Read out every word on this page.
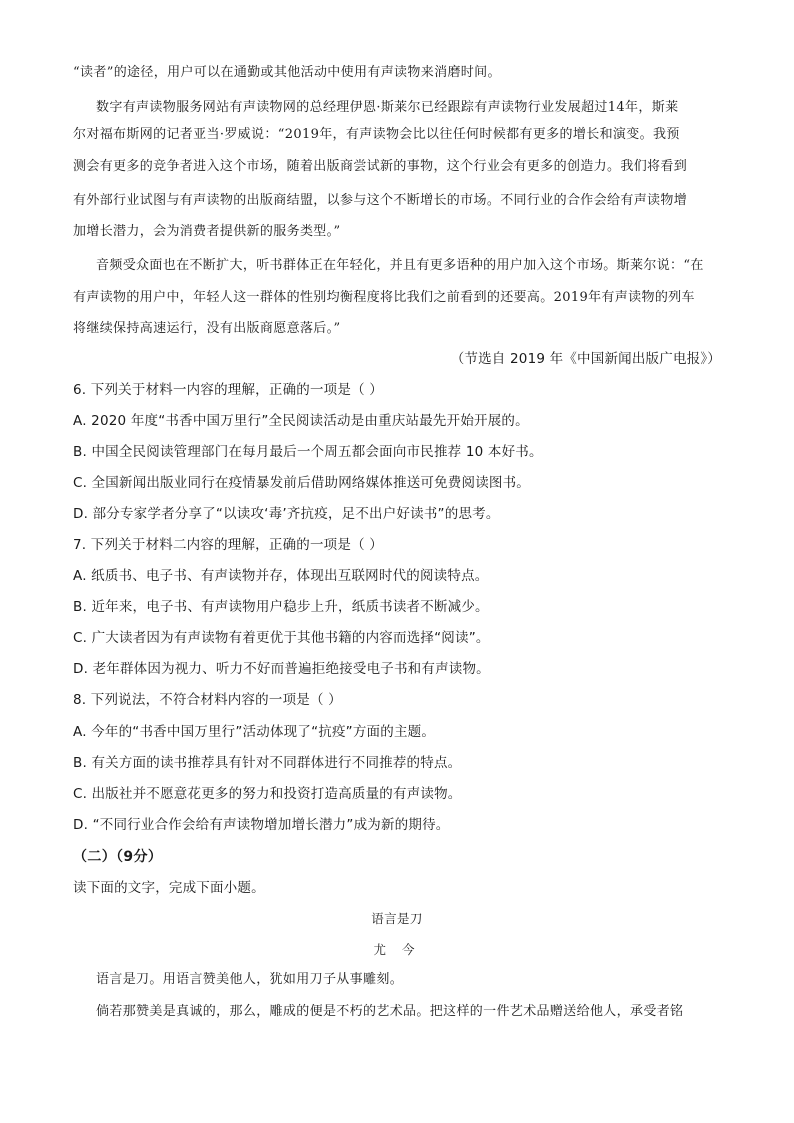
“读者”的途径，用户可以在通勤或其他活动中使用有声读物来消磨时间。

数字有声读物服务网站有声读物网的总经理伊恩·斯莱尔已经跟踪有声读物行业发展超过14年，斯莱

尔对福布斯网的记者亚当·罗威说：“2019年，有声读物会比以往任何时候都有更多的增长和演变。我预

测会有更多的竞争者进入这个市场，随着出版商尝试新的事物，这个行业会有更多的创造力。我们将看到

有外部行业试图与有声读物的出版商结盟，以参与这个不断增长的市场。不同行业的合作会给有声读物增

加增长潜力，会为消费者提供新的服务类型。”

音频受众面也在不断扩大，听书群体正在年轻化，并且有更多语种的用户加入这个市场。斯莱尔说：“在

有声读物的用户中，年轻人这一群体的性别均衡程度将比我们之前看到的还要高。2019年有声读物的列车

将继续保持高速运行，没有出版商愿意落后。”

（节选自 2019 年《中国新闻出版广电报》）

6. 下列关于材料一内容的理解，正确的一项是（ ）

A. 2020 年度“书香中国万里行”全民阅读活动是由重庆站最先开始开展的。

B. 中国全民阅读管理部门在每月最后一个周五都会面向市民推荐 10 本好书。

C. 全国新闻出版业同行在疫情暴发前后借助网络媒体推送可免费阅读图书。

D. 部分专家学者分享了“以读攻‘毒’齐抗疫，足不出户好读书”的思考。

7. 下列关于材料二内容的理解，正确的一项是（ ）

A. 纸质书、电子书、有声读物并存，体现出互联网时代的阅读特点。

B. 近年来，电子书、有声读物用户稳步上升，纸质书读者不断减少。

C. 广大读者因为有声读物有着更优于其他书籍的内容而选择“阅读”。

D. 老年群体因为视力、听力不好而普遍拒绝接受电子书和有声读物。

8. 下列说法，不符合材料内容的一项是（ ）

A. 今年的“书香中国万里行”活动体现了“抗疫”方面的主题。

B. 有关方面的读书推荐具有针对不同群体进行不同推荐的特点。

C. 出版社并不愿意花更多的努力和投资打造高质量的有声读物。

D. “不同行业合作会给有声读物增加增长潜力”成为新的期待。

（二）（9分）

读下面的文字，完成下面小题。

语言是刀

尤 今

语言是刀。用语言赞美他人，犹如用刀子从事雕刻。

倘若那赞美是真诚的，那么，雕成的便是不朽的艺术品。把这样的一件艺术品赠送给他人，承受者铭
